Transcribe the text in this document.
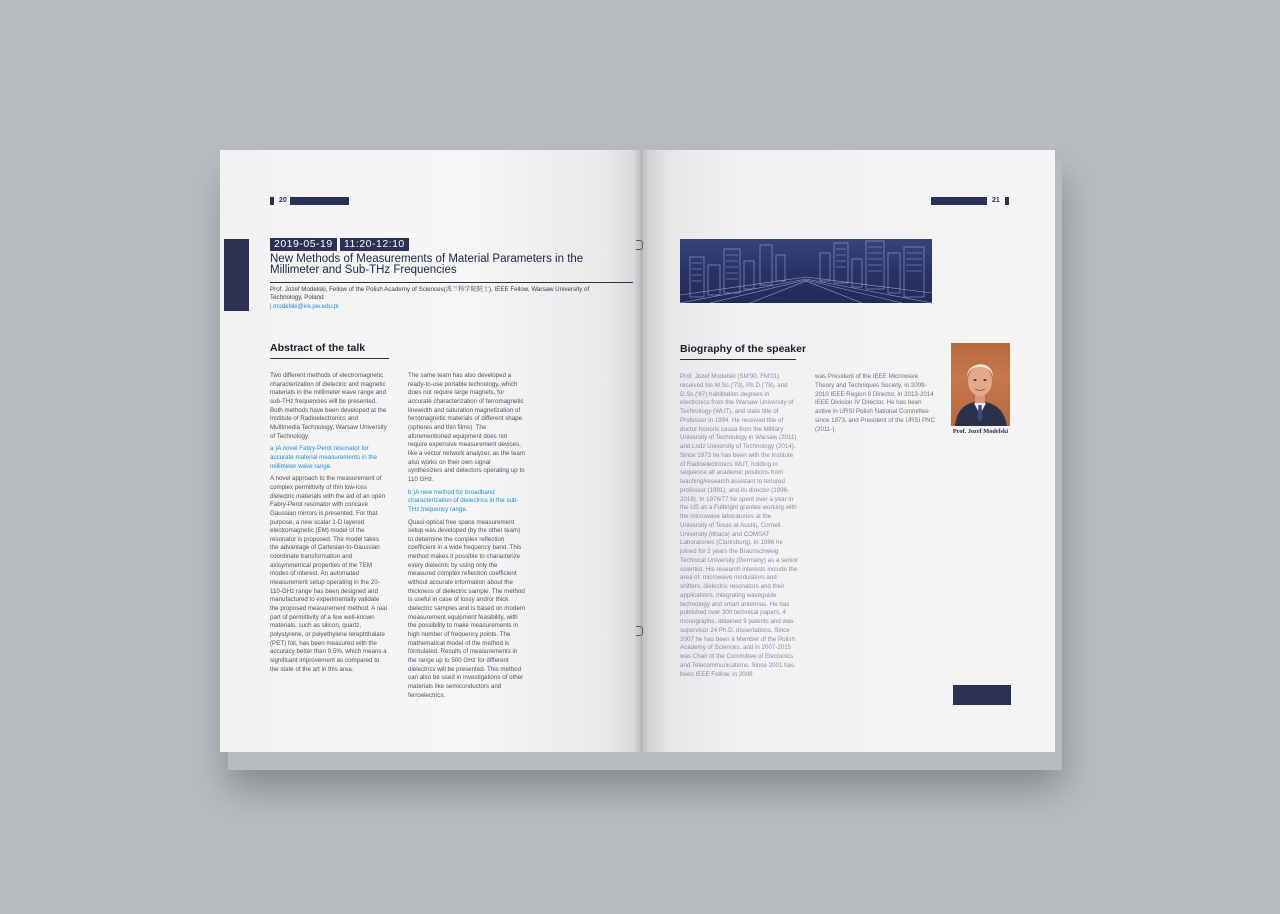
20
2019-05-19	11:20-12:10
New Methods of Measurements of Material Parameters in the Millimeter and Sub-THz Frequencies
Prof. Jozef Modelski, Fellow of the Polish Academy of Sciences(波兰科学院院士), IEEE Fellow, Warsaw University of Technology, Poland
j.modelski@ire.pw.edu.pl
Abstract of the talk

Two different methods of electromagnetic characterization of dielectric and magnetic materials in the millimeter wave range and sub-THz frequencies will be presented. Both methods have been developed at the Institute of Radioelectronics and Multimedia Technology, Warsaw University of Technology.

a )A novel Fabry-Perot resonator for accurate material measurements in the millimeter wave range.

A novel approach to the measurement of complex permittivity of thin low-loss dielectric materials with the aid of an open Fabry-Perot resonator with concave Gaussian mirrors is presented. For that purpose, a new scalar 1-D layered electromagnetic (EM) model of the resonator is proposed. The model takes the advantage of Cartesian-to-Gaussian coordinate transformation and axisymmetrical properties of the TEM modes of interest. An automated measurement setup operating in the 20-110-GHz range has been designed and manufactured to experimentally validate the proposed measurement method. A real part of permittivity of a few well-known materials, such as silicon, quartz, polystyrene, or polyethylene terephthalate (PET) foil, has been measured with the accuracy better than 0.5%, which means a significant improvement as compared to the state of the art in this area.

The same team has also developed a ready-to-use portable technology, which does not require large magnets, for accurate characterization of ferromagnetic linewidth and saturation magnetization of ferromagnetic materials of different shape (spheres and thin films). The aforementioned equipment does not require expensive measurement devices, like a vector network analyzer, as the team also works on their own signal synthesizers and detectors operating up to 110 GHz.

b )A new method for broadband characterization of dielectrics in the sub-THz frequency range.

Quasi-optical free space measurement setup was developed (by the other team) to determine the complex reflection coefficient in a wide frequency band. This method makes it possible to characterize every dielectric by using only the measured complex reflection coefficient without accurate information about the thickness of dielectric sample. The method is useful in case of lossy and/or thick dielectric samples and is based on modern measurement equipment feasibility, with the possibility to make measurements in high number of frequency points. The mathematical model of the method is formulated. Results of measurements in the range up to 500 GHz for different dielectrics will be presented. This method can also be used in investigations of other materials like semiconductors and ferroelectrics.

21
Biography of the speaker

Prof. Jozef Modelski (SM'90, FM'01) received his M.Sc.('73), Ph.D.('78), and D.Sc.('87) habilitation degrees in electronics from the Warsaw University of Technology (WUT), and state title of Professor in 1994. He received title of doctor honoris causa from the Military University of Technology in Warsaw (2011) and Lodz University of Technology (2014). Since 1973 he has been with the Institute of Radioelectronics WUT, holding in sequence all academic positions from teaching/research assistant to tenured professor (1991), and its director (1996-2016). In 1976/77 he spent over a year in the US as a Fulbright grantee working with the microwave laboratories at the University of Texas at Austin, Cornell University (Ithaca) and COMSAT Laboratories (Clarksburg). In 1986 he joined for 2 years the Braunschweig Technical University (Germany) as a senior scientist. His research interests include the area of: microwave modulators and shifters, dielectric resonators and their applications, integrating waveguide technology and smart antennas. He has published over 300 technical papers, 4 monographs, obtained 9 patents and was supervisor 24 Ph.D. dissertations. Since 2007 he has been a Member of the Polish Academy of Sciences, and in 2007-2015 was Chair of the Committee of Electonics and Telecommunications. Since 2001 has been IEEE Fellow, in 2008

was President of the IEEE Microwave Theory and Techniques Society, in 2009-2010 IEEE Region 8 Director, in 2013-2014 IEEE Division IV Director. He has been active in URSI Polish National Committee since 1973, and President of the URSI PNC (2011-).	Prof. Jozef Modelski
